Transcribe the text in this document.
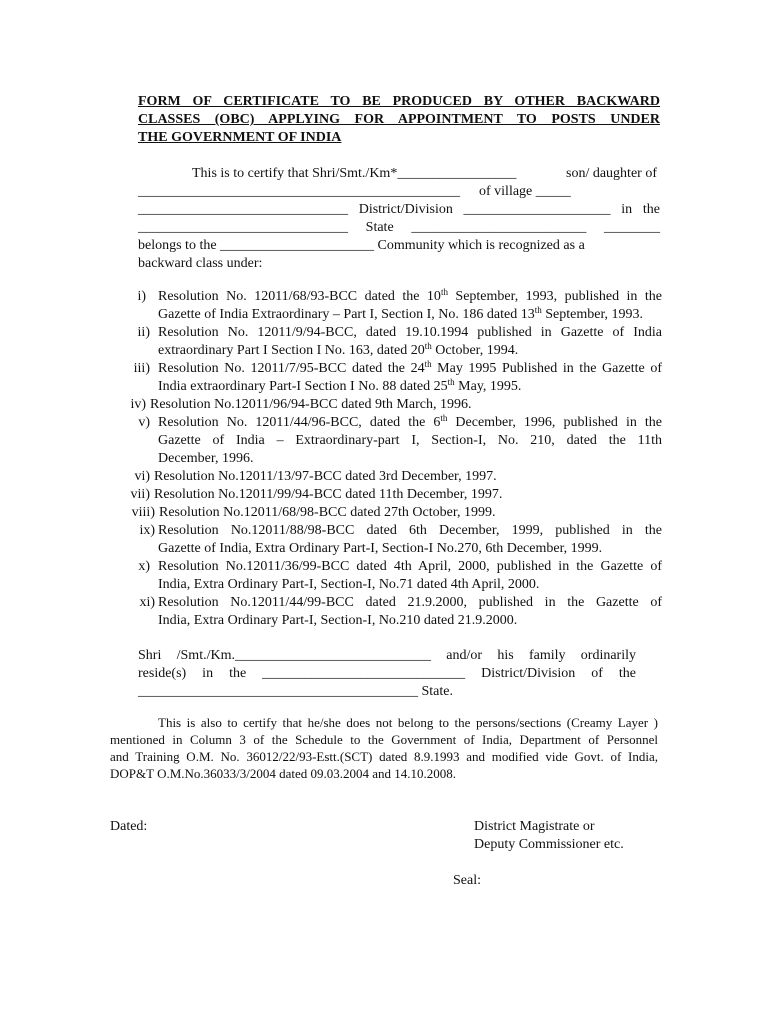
FORM OF CERTIFICATE TO BE PRODUCED BY OTHER BACKWARD
CLASSES (OBC) APPLYING FOR APPOINTMENT TO POSTS UNDER
THE GOVERNMENT OF INDIA
This is to certify that Shri/Smt./Km*_________________	son/ daughter of
______________________________________________ of village _____
______________________________ District/Division _____________________ in the
______________________________ State _________________________ ________
belongs to the ______________________ Community which is recognized as a
backward class under:
i) Resolution No. 12011/68/93-BCC dated the 10th September, 1993, published in the
Gazette of India Extraordinary – Part I, Section I, No. 186 dated 13th September, 1993.
ii) Resolution No. 12011/9/94-BCC, dated 19.10.1994 published in Gazette of India
extraordinary Part I Section I No. 163, dated 20th October, 1994.
iii) Resolution No. 12011/7/95-BCC dated the 24th May 1995 Published in the Gazette of
India extraordinary Part-I Section I No. 88 dated 25th May, 1995.
iv) Resolution No.12011/96/94-BCC dated 9th March, 1996.
v) Resolution No. 12011/44/96-BCC, dated the 6th December, 1996, published in the
Gazette of India – Extraordinary-part I, Section-I, No. 210, dated the 11th
December, 1996.
vi) Resolution No.12011/13/97-BCC dated 3rd December, 1997.
vii) Resolution No.12011/99/94-BCC dated 11th December, 1997.
viii) Resolution No.12011/68/98-BCC dated 27th October, 1999.
ix) Resolution No.12011/88/98-BCC dated 6th December, 1999, published in the
Gazette of India, Extra Ordinary Part-I, Section-I No.270, 6th December, 1999.
x) Resolution No.12011/36/99-BCC dated 4th April, 2000, published in the Gazette of
India, Extra Ordinary Part-I, Section-I, No.71 dated 4th April, 2000.
xi) Resolution No.12011/44/99-BCC dated 21.9.2000, published in the Gazette of
India, Extra Ordinary Part-I, Section-I, No.210 dated 21.9.2000.
Shri /Smt./Km.____________________________ and/or his family ordinarily
reside(s) in the _____________________________ District/Division of the
________________________________________ State.
This is also to certify that he/she does not belong to the persons/sections (Creamy Layer )
mentioned in Column 3 of the Schedule to the Government of India, Department of Personnel
and Training O.M. No. 36012/22/93-Estt.(SCT) dated 8.9.1993 and modified vide Govt. of India,
DOP&T O.M.No.36033/3/2004 dated 09.03.2004 and 14.10.2008.
Dated:	District Magistrate or
Deputy Commissioner etc.
Seal:
